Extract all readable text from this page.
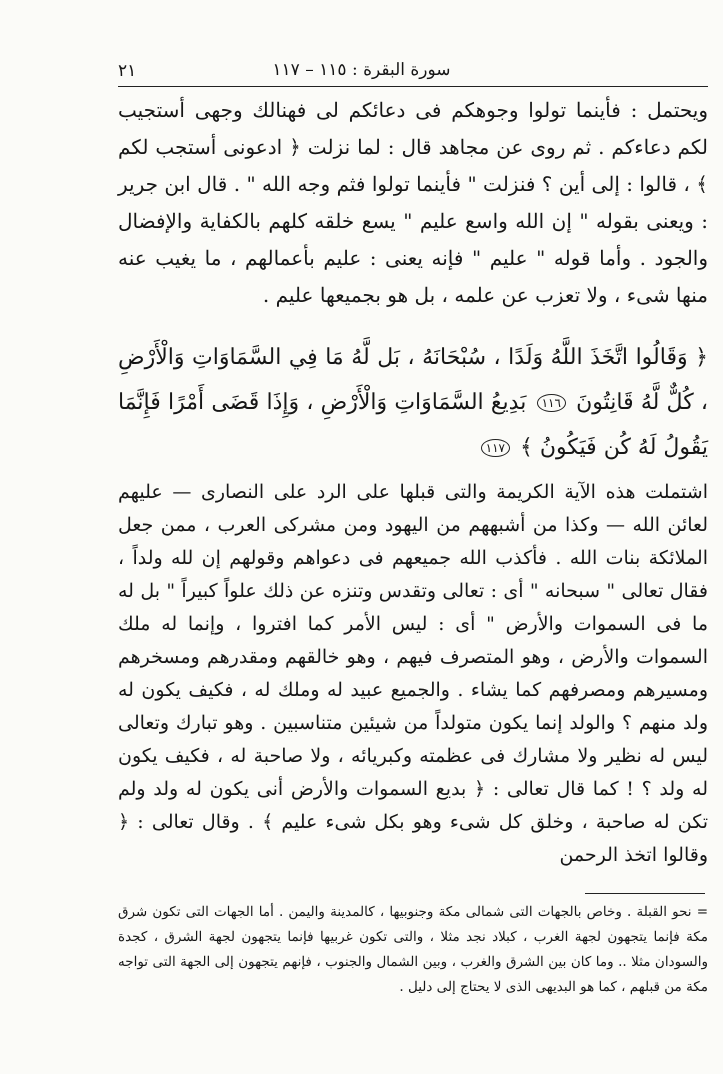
سورة البقرة : ١١٥ – ١١٧
٢١

ويحتمل : فأينما تولوا وجوهكم فى دعائكم لى فهنالك وجهى أستجيب لكم دعاءكم . ثم روى عن مجاهد قال : لما نزلت ﴿ ادعونى أستجب لكم ﴾ ، قالوا : إلى أين ؟ فنزلت " فأينما تولوا فثم وجه الله " . قال ابن جرير : ويعنى بقوله " إن الله واسع عليم " يسع خلقه كلهم بالكفاية والإفضال والجود . وأما قوله " عليم " فإنه يعنى : عليم بأعمالهم ، ما يغيب عنه منها شىء ، ولا تعزب عن علمه ، بل هو بجميعها عليم .

﴿ وَقَالُوا اتَّخَذَ اللَّهُ وَلَدًا ، سُبْحَانَهُ ، بَل لَّهُ مَا فِي السَّمَاوَاتِ وَالْأَرْضِ ، كُلٌّ لَّهُ قَانِتُونَ ١١٦ بَدِيعُ السَّمَاوَاتِ وَالْأَرْضِ ، وَإِذَا قَضَى أَمْرًا فَإِنَّمَا يَقُولُ لَهُ كُن فَيَكُونُ ﴾ ١١٧

اشتملت هذه الآية الكريمة والتى قبلها على الرد على النصارى — عليهم لعائن الله — وكذا من أشبههم من اليهود ومن مشركى العرب ، ممن جعل الملائكة بنات الله . فأكذب الله جميعهم فى دعواهم وقولهم إن لله ولداً ، فقال تعالى " سبحانه " أى : تعالى وتقدس وتنزه عن ذلك علواً كبيراً " بل له ما فى السموات والأرض " أى : ليس الأمر كما افتروا ، وإنما له ملك السموات والأرض ، وهو المتصرف فيهم ، وهو خالقهم ومقدرهم ومسخرهم ومسيرهم ومصرفهم كما يشاء . والجميع عبيد له وملك له ، فكيف يكون له ولد منهم ؟ والولد إنما يكون متولداً من شيئين متناسبين . وهو تبارك وتعالى ليس له نظير ولا مشارك فى عظمته وكبريائه ، ولا صاحبة له ، فكيف يكون له ولد ؟ ! كما قال تعالى : ﴿ بديع السموات والأرض أنى يكون له ولد ولم تكن له صاحبة ، وخلق كل شىء وهو بكل شىء عليم ﴾ . وقال تعالى : ﴿ وقالوا اتخذ الرحمن

= نحو القبلة . وخاص بالجهات التى شمالى مكة وجنوبيها ، كالمدينة واليمن . أما الجهات التى تكون شرق مكة فإنما يتجهون لجهة الغرب ، كبلاد نجد مثلا ، والتى تكون غربيها فإنما يتجهون لجهة الشرق ، كجدة والسودان مثلا .. وما كان بين الشرق والغرب ، وبين الشمال والجنوب ، فإنهم يتجهون إلى الجهة التى تواجه مكة من قبلهم ، كما هو البديهى الذى لا يحتاج إلى دليل .
